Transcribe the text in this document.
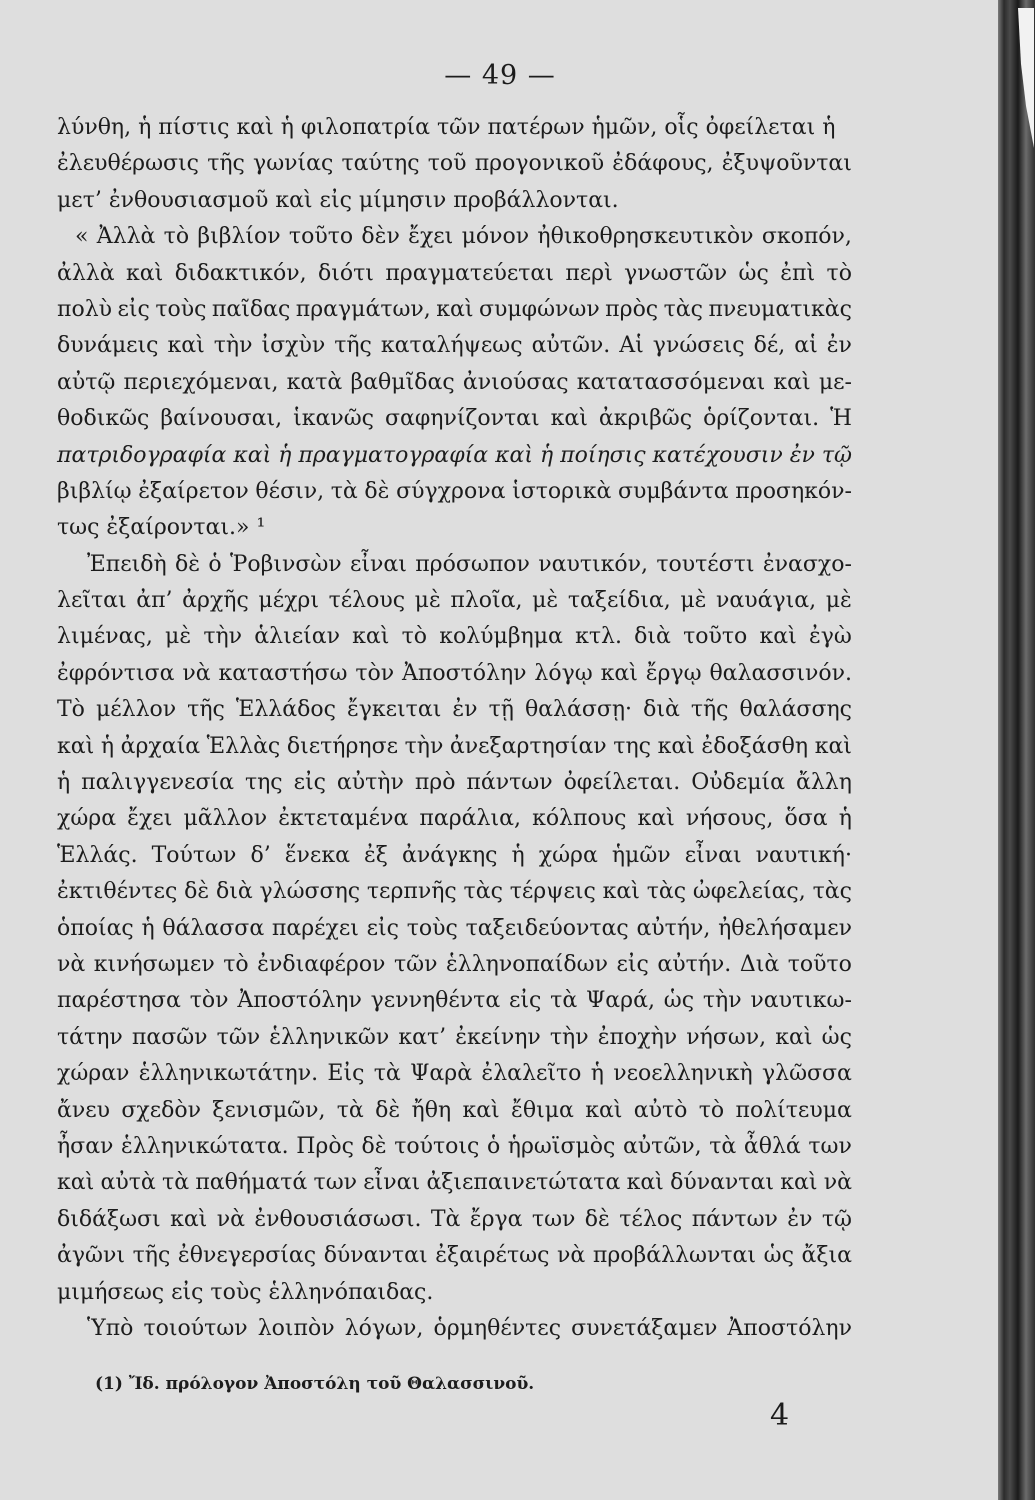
— 49 —
λύνθη, ἡ πίστις καὶ ἡ φιλοπατρία τῶν πατέρων ἡμῶν, οἷς ὀφείλεται ἡ
ἐλευθέρωσις τῆς γωνίας ταύτης τοῦ προγονικοῦ ἐδάφους, ἐξυψοῦνται
μετ’ ἐνθουσιασμοῦ καὶ εἰς μίμησιν προβάλλονται.
« Ἀλλὰ τὸ βιβλίον τοῦτο δὲν ἔχει μόνον ἠθικοθρησκευτικὸν σκοπόν,
ἀλλὰ καὶ διδακτικόν, διότι πραγματεύεται περὶ γνωστῶν ὡς ἐπὶ τὸ
πολὺ εἰς τοὺς παῖδας πραγμάτων, καὶ συμφώνων πρὸς τὰς πνευματικὰς
δυνάμεις καὶ τὴν ἰσχὺν τῆς καταλήψεως αὐτῶν. Αἱ γνώσεις δέ, αἱ ἐν
αὐτῷ περιεχόμεναι, κατὰ βαθμῖδας ἀνιούσας κατατασσόμεναι καὶ με-
θοδικῶς βαίνουσαι, ἱκανῶς σαφηνίζονται καὶ ἀκριβῶς ὁρίζονται. Ἡ
πατριδογραφία καὶ ἡ πραγματογραφία καὶ ἡ ποίησις κατέχουσιν ἐν τῷ
βιβλίῳ ἐξαίρετον θέσιν, τὰ δὲ σύγχρονα ἱστορικὰ συμβάντα προσηκόν-
τως ἐξαίρονται.» ¹
Ἐπειδὴ δὲ ὁ Ῥοβινσὼν εἶναι πρόσωπον ναυτικόν, τουτέστι ἐνασχο-
λεῖται ἀπ’ ἀρχῆς μέχρι τέλους μὲ πλοῖα, μὲ ταξείδια, μὲ ναυάγια, μὲ
λιμένας, μὲ τὴν ἁλιείαν καὶ τὸ κολύμβημα κτλ. διὰ τοῦτο καὶ ἐγὼ
ἐφρόντισα νὰ καταστήσω τὸν Ἀποστόλην λόγῳ καὶ ἔργῳ θαλασσινόν.
Τὸ μέλλον τῆς Ἑλλάδος ἔγκειται ἐν τῇ θαλάσσῃ· διὰ τῆς θαλάσσης
καὶ ἡ ἀρχαία Ἑλλὰς διετήρησε τὴν ἀνεξαρτησίαν της καὶ ἐδοξάσθη καὶ
ἡ παλιγγενεσία της εἰς αὐτὴν πρὸ πάντων ὀφείλεται. Οὐδεμία ἄλλη
χώρα ἔχει μᾶλλον ἐκτεταμένα παράλια, κόλπους καὶ νήσους, ὅσα ἡ
Ἑλλάς. Τούτων δ’ ἕνεκα ἐξ ἀνάγκης ἡ χώρα ἡμῶν εἶναι ναυτική·
ἐκτιθέντες δὲ διὰ γλώσσης τερπνῆς τὰς τέρψεις καὶ τὰς ὠφελείας, τὰς
ὁποίας ἡ θάλασσα παρέχει εἰς τοὺς ταξειδεύοντας αὐτήν, ἠθελήσαμεν
νὰ κινήσωμεν τὸ ἐνδιαφέρον τῶν ἑλληνοπαίδων εἰς αὐτήν. Διὰ τοῦτο
παρέστησα τὸν Ἀποστόλην γεννηθέντα εἰς τὰ Ψαρά, ὡς τὴν ναυτικω-
τάτην πασῶν τῶν ἑλληνικῶν κατ’ ἐκείνην τὴν ἐποχὴν νήσων, καὶ ὡς
χώραν ἑλληνικωτάτην. Εἰς τὰ Ψαρὰ ἐλαλεῖτο ἡ νεοελληνικὴ γλῶσσα
ἄνευ σχεδὸν ξενισμῶν, τὰ δὲ ἤθη καὶ ἔθιμα καὶ αὐτὸ τὸ πολίτευμα
ἦσαν ἑλληνικώτατα. Πρὸς δὲ τούτοις ὁ ἡρωϊσμὸς αὐτῶν, τὰ ἆθλά των
καὶ αὐτὰ τὰ παθήματά των εἶναι ἀξιεπαινετώτατα καὶ δύνανται καὶ νὰ
διδάξωσι καὶ νὰ ἐνθουσιάσωσι. Τὰ ἔργα των δὲ τέλος πάντων ἐν τῷ
ἀγῶνι τῆς ἐθνεγερσίας δύνανται ἐξαιρέτως νὰ προβάλλωνται ὡς ἄξια
μιμήσεως εἰς τοὺς ἑλληνόπαιδας.
Ὑπὸ τοιούτων λοιπὸν λόγων, ὁρμηθέντες συνετάξαμεν Ἀποστόλην
(1) Ἴδ. πρόλογον Ἀποστόλη τοῦ Θαλασσινοῦ.
4
